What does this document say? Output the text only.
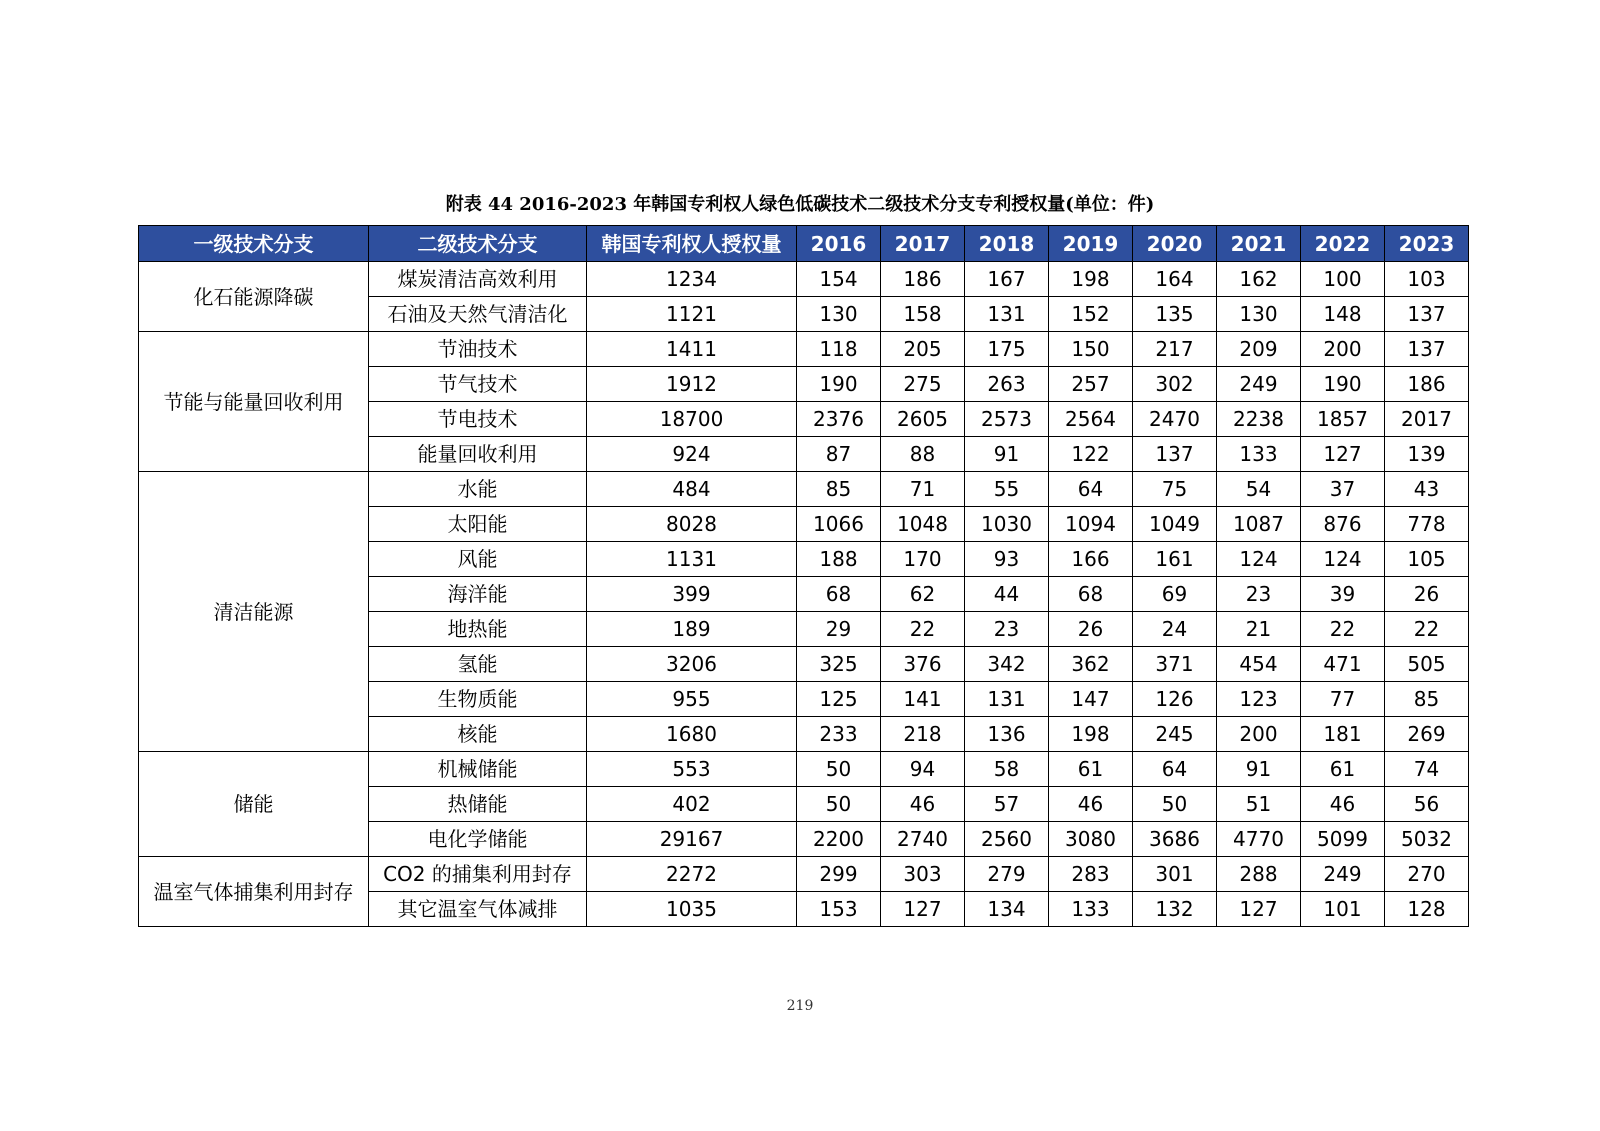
附表 44 2016-2023 年韩国专利权人绿色低碳技术二级技术分支专利授权量(单位：件)
一级技术分支	二级技术分支	韩国专利权人授权量	2016	2017	2018	2019	2020	2021	2022	2023
化石能源降碳	煤炭清洁高效利用	1234	154	186	167	198	164	162	100	103
	石油及天然气清洁化	1121	130	158	131	152	135	130	148	137
节能与能量回收利用	节油技术	1411	118	205	175	150	217	209	200	137
	节气技术	1912	190	275	263	257	302	249	190	186
	节电技术	18700	2376	2605	2573	2564	2470	2238	1857	2017
	能量回收利用	924	87	88	91	122	137	133	127	139
清洁能源	水能	484	85	71	55	64	75	54	37	43
	太阳能	8028	1066	1048	1030	1094	1049	1087	876	778
	风能	1131	188	170	93	166	161	124	124	105
	海洋能	399	68	62	44	68	69	23	39	26
	地热能	189	29	22	23	26	24	21	22	22
	氢能	3206	325	376	342	362	371	454	471	505
	生物质能	955	125	141	131	147	126	123	77	85
	核能	1680	233	218	136	198	245	200	181	269
储能	机械储能	553	50	94	58	61	64	91	61	74
	热储能	402	50	46	57	46	50	51	46	56
	电化学储能	29167	2200	2740	2560	3080	3686	4770	5099	5032
温室气体捕集利用封存	CO2 的捕集利用封存	2272	299	303	279	283	301	288	249	270
	其它温室气体减排	1035	153	127	134	133	132	127	101	128
219
